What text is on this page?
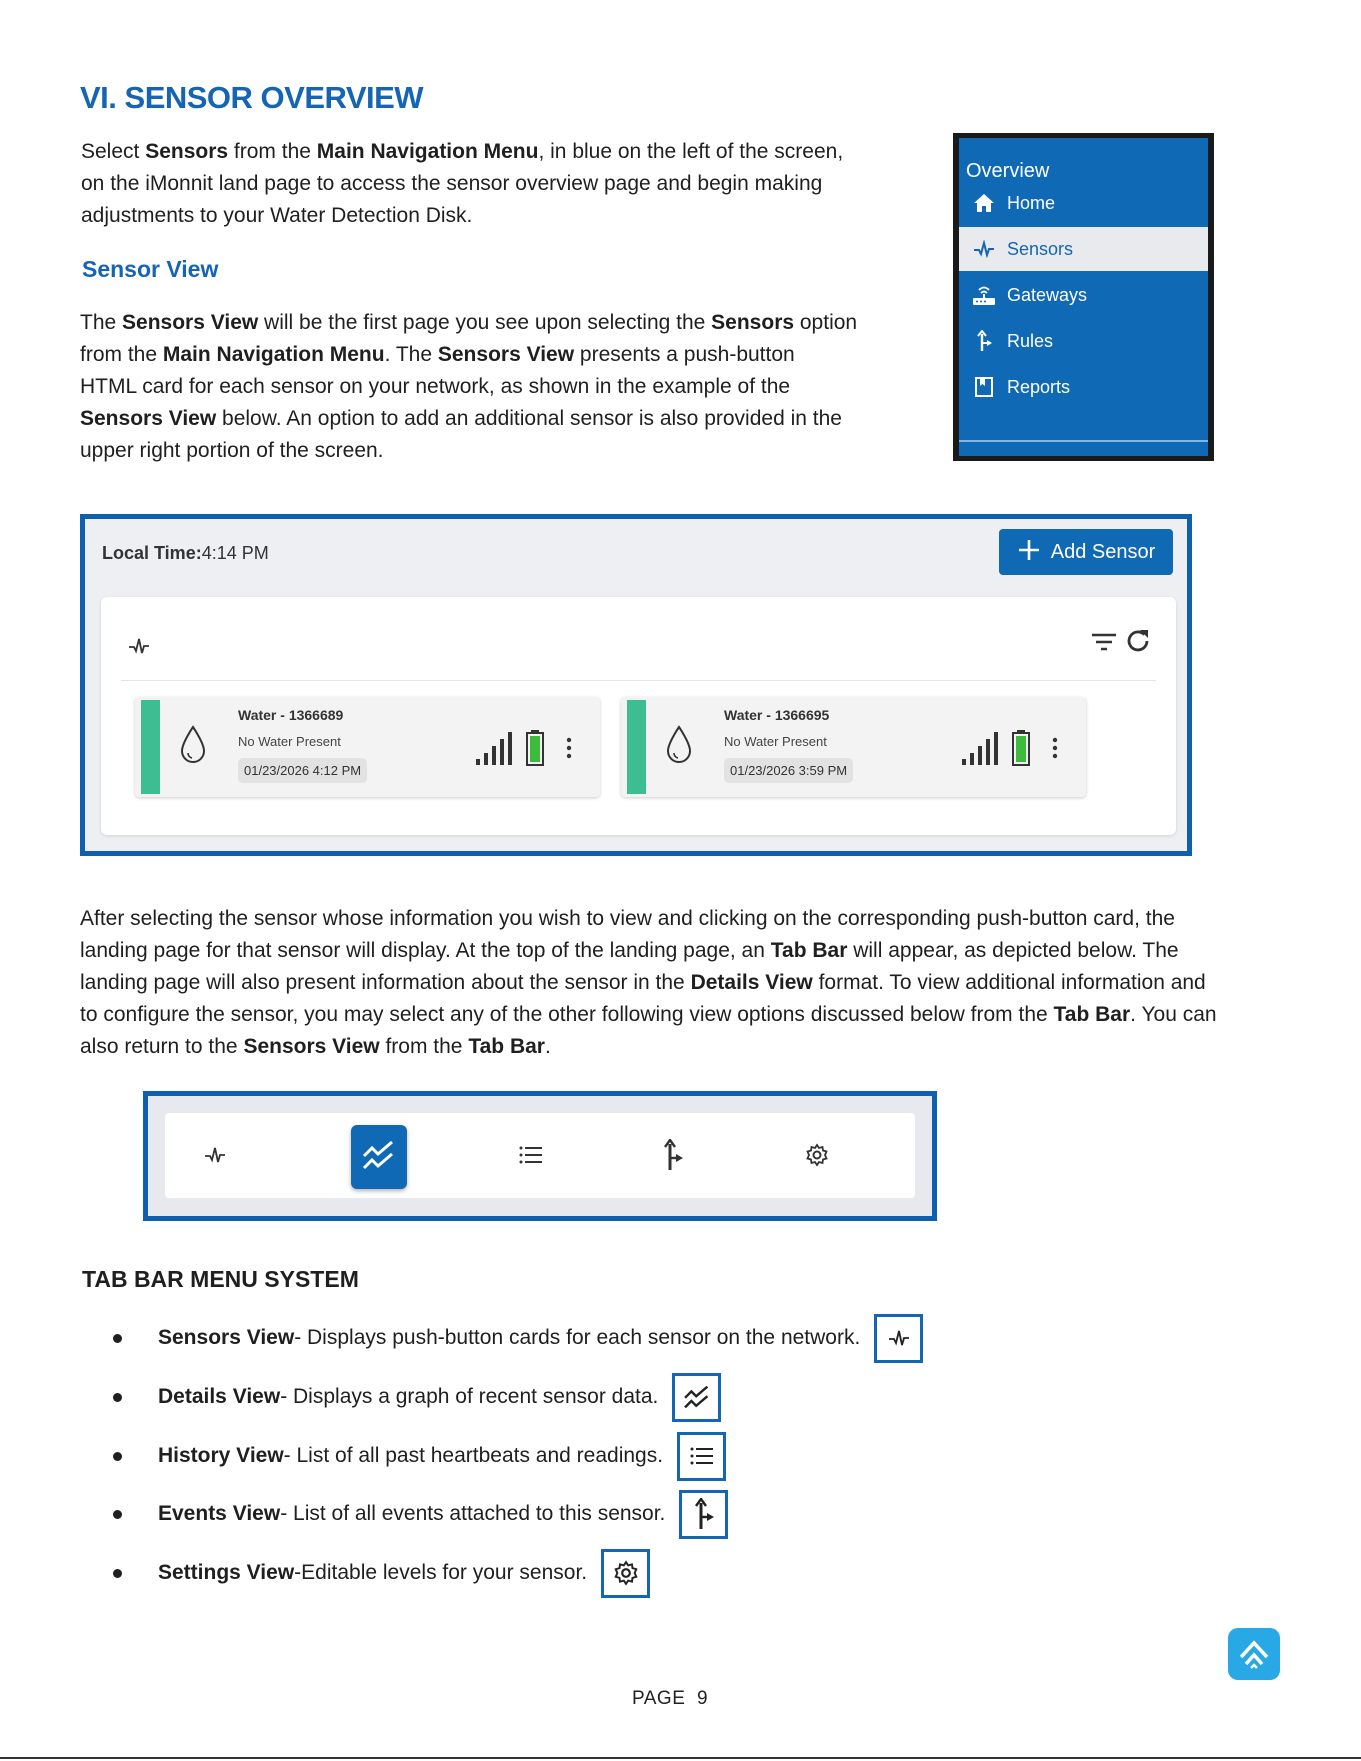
VI. SENSOR OVERVIEW
Select Sensors from the Main Navigation Menu, in blue on the left of the screen,
on the iMonnit land page to access the sensor overview page and begin making
adjustments to your Water Detection Disk.
Sensor View
The Sensors View will be the first page you see upon selecting the Sensors option
from the Main Navigation Menu. The Sensors View presents a push-button
HTML card for each sensor on your network, as shown in the example of the
Sensors View below. An option to add an additional sensor is also provided in the
upper right portion of the screen.
Overview
Home
Sensors
Gateways
Rules
Reports
Local Time:4:14 PM	Add Sensor
Water - 1366689
No Water Present
01/23/2026 4:12 PM
Water - 1366695
No Water Present
01/23/2026 3:59 PM
After selecting the sensor whose information you wish to view and clicking on the corresponding push-button card, the
landing page for that sensor will display. At the top of the landing page, an Tab Bar will appear, as depicted below. The
landing page will also present information about the sensor in the Details View format. To view additional information and
to configure the sensor, you may select any of the other following view options discussed below from the Tab Bar. You can
also return to the Sensors View from the Tab Bar.
TAB BAR MENU SYSTEM
Sensors View - Displays push-button cards for each sensor on the network.
Details View - Displays a graph of recent sensor data.
History View - List of all past heartbeats and readings.
Events View - List of all events attached to this sensor.
Settings View -Editable levels for your sensor.
PAGE  9
